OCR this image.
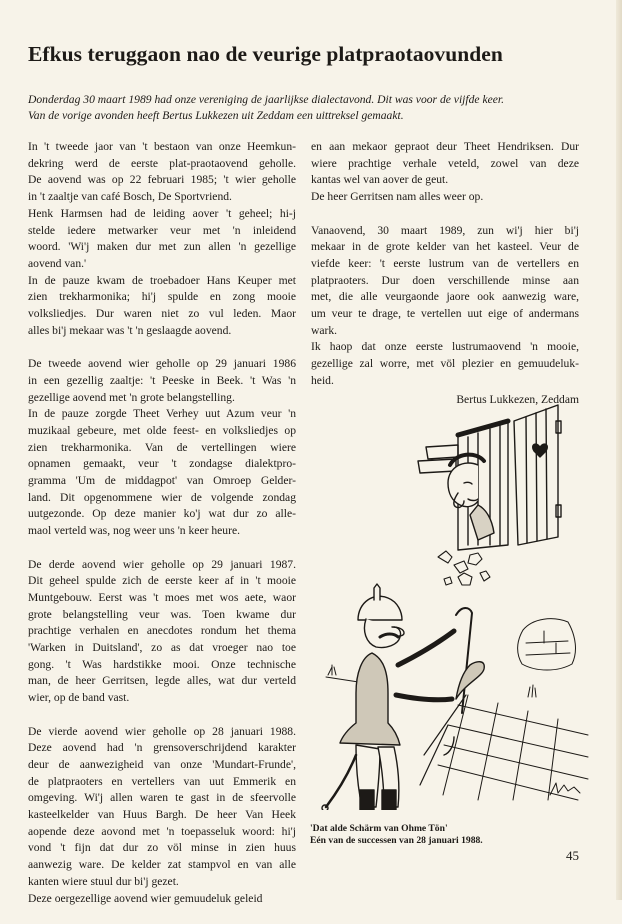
Efkus teruggaon nao de veurige platpraotaovunden

Donderdag 30 maart 1989 had onze vereniging de jaarlijkse dialectavond. Dit was voor de vijfde keer.

Van de vorige avonden heeft Bertus Lukkezen uit Zeddam een uittreksel gemaakt.

In 't tweede jaor van 't bestaon van onze Heemkun-
dekring werd de eerste plat-praotaovend geholle.
De aovend was op 22 februari 1985; 't wier geholle
in 't zaaltje van café Bosch, De Sportvriend.
Henk Harmsen had de leiding aover 't geheel; hi-j
stelde iedere metwarker veur met 'n inleidend
woord. 'Wi'j maken dur met zun allen 'n gezellige
aovend van.'
In de pauze kwam de troebadoer Hans Keuper met
zien trekharmonika; hi'j spulde en zong mooie
volksliedjes. Dur waren niet zo vul leden. Maor
alles bi'j mekaar was 't 'n geslaagde aovend.

De tweede aovend wier geholle op 29 januari 1986
in een gezellig zaaltje: 't Peeske in Beek. 't Was 'n
gezellige aovend met 'n grote belangstelling.
In de pauze zorgde Theet Verhey uut Azum veur 'n
muzikaal gebeure, met olde feest- en volksliedjes op
zien trekharmonika. Van de vertellingen wiere
opnamen gemaakt, veur 't zondagse dialektpro-
gramma 'Um de middagpot' van Omroep Gelder-
land. Dit opgenommene wier de volgende zondag
uutgezonde. Op deze manier ko'j wat dur zo alle-
maol verteld was, nog weer uns 'n keer heure.

De derde aovend wier geholle op 29 januari 1987.
Dit geheel spulde zich de eerste keer af in 't mooie
Muntgebouw. Eerst was 't moes met wos aete, waor
grote belangstelling veur was. Toen kwame dur
prachtige verhalen en anecdotes rondum het thema
'Warken in Duitsland', zo as dat vroeger nao toe
gong. 't Was hardstikke mooi. Onze technische
man, de heer Gerritsen, legde alles, wat dur verteld
wier, op de band vast.

De vierde aovend wier geholle op 28 januari 1988.
Deze aovend had 'n grensoverschrijdend karakter
deur de aanwezigheid van onze 'Mundart-Frunde',
de platpraoters en vertellers van uut Emmerik en
omgeving. Wi'j allen waren te gast in de sfeervolle
kasteelkelder van Huus Bargh. De heer Van Heek
aopende deze aovond met 'n toepasseluk woord: hi'j
vond 't fijn dat dur zo völ minse in zien huus
aanwezig ware. De kelder zat stampvol en van alle
kanten wiere stuul dur bi'j gezet.
Deze oergezellige aovend wier gemuudeluk geleid

en aan mekaor gepraot deur Theet Hendriksen. Dur
wiere prachtige verhale veteld, zowel van deze
kantas wel van aover de geut.
De heer Gerritsen nam alles weer op.

Vanaovend, 30 maart 1989, zun wi'j hier bi'j
mekaar in de grote kelder van het kasteel. Veur de
viefde keer: 't eerste lustrum van de vertellers en
platpraoters. Dur doen verschillende minse aan
met, die alle veurgaonde jaore ook aanwezig ware,
um veur te drage, te vertellen uut eige of andermans
wark.
Ik haop dat onze eerste lustrumaovend 'n mooie,
gezellige zal worre, met völ plezier en gemuudeluk-
heid.

Bertus Lukkezen, Zeddam

'Dat alde Schärm van Ohme Tön'
Eén van de successen van 28 januari 1988.

45
